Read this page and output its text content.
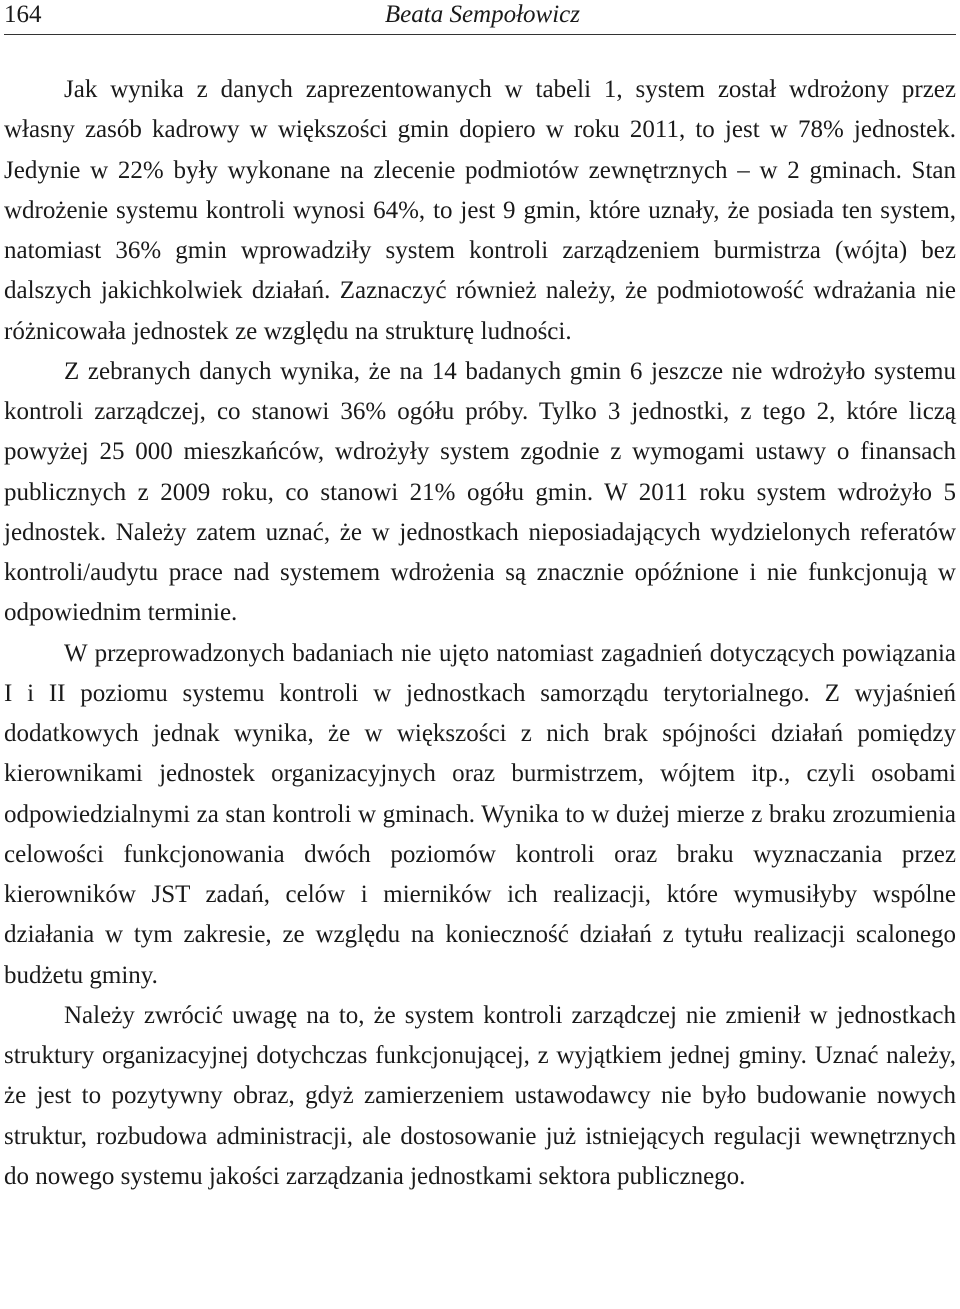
164	Beata Sempołowicz

Jak wynika z danych zaprezentowanych w tabeli 1, system został wdrożony przez własny zasób kadrowy w większości gmin dopiero w roku 2011, to jest w 78% jednostek. Jedynie w 22% były wykonane na zlecenie podmiotów zewnętrznych – w 2 gminach. Stan wdrożenie systemu kontroli wynosi 64%, to jest 9 gmin, które uznały, że posiada ten system, natomiast 36% gmin wprowadziły system kontroli zarządzeniem burmistrza (wójta) bez dalszych jakichkolwiek działań. Zaznaczyć również należy, że podmiotowość wdrażania nie różnicowała jednostek ze względu na strukturę ludności.

Z zebranych danych wynika, że na 14 badanych gmin 6 jeszcze nie wdrożyło systemu kontroli zarządczej, co stanowi 36% ogółu próby. Tylko 3 jednostki, z tego 2, które liczą powyżej 25 000 mieszkańców, wdrożyły system zgodnie z wymogami ustawy o finansach publicznych z 2009 roku, co stanowi 21% ogółu gmin. W 2011 roku system wdrożyło 5 jednostek. Należy zatem uznać, że w jednostkach nieposiadających wydzielonych referatów kontroli/audytu prace nad systemem wdrożenia są znacznie opóźnione i nie funkcjonują w odpowiednim terminie.

W przeprowadzonych badaniach nie ujęto natomiast zagadnień dotyczących powiązania I i II poziomu systemu kontroli w jednostkach samorządu terytorialnego. Z wyjaśnień dodatkowych jednak wynika, że w większości z nich brak spójności działań pomiędzy kierownikami jednostek organizacyjnych oraz burmistrzem, wójtem itp., czyli osobami odpowiedzialnymi za stan kontroli w gminach. Wynika to w dużej mierze z braku zrozumienia celowości funkcjonowania dwóch poziomów kontroli oraz braku wyznaczania przez kierowników JST zadań, celów i mierników ich realizacji, które wymusiłyby wspólne działania w tym zakresie, ze względu na konieczność działań z tytułu realizacji scalonego budżetu gminy.

Należy zwrócić uwagę na to, że system kontroli zarządczej nie zmienił w jednostkach struktury organizacyjnej dotychczas funkcjonującej, z wyjątkiem jednej gminy. Uznać należy, że jest to pozytywny obraz, gdyż zamierzeniem ustawodawcy nie było budowanie nowych struktur, rozbudowa administracji, ale dostosowanie już istniejących regulacji wewnętrznych do nowego systemu jakości zarządzania jednostkami sektora publicznego.
